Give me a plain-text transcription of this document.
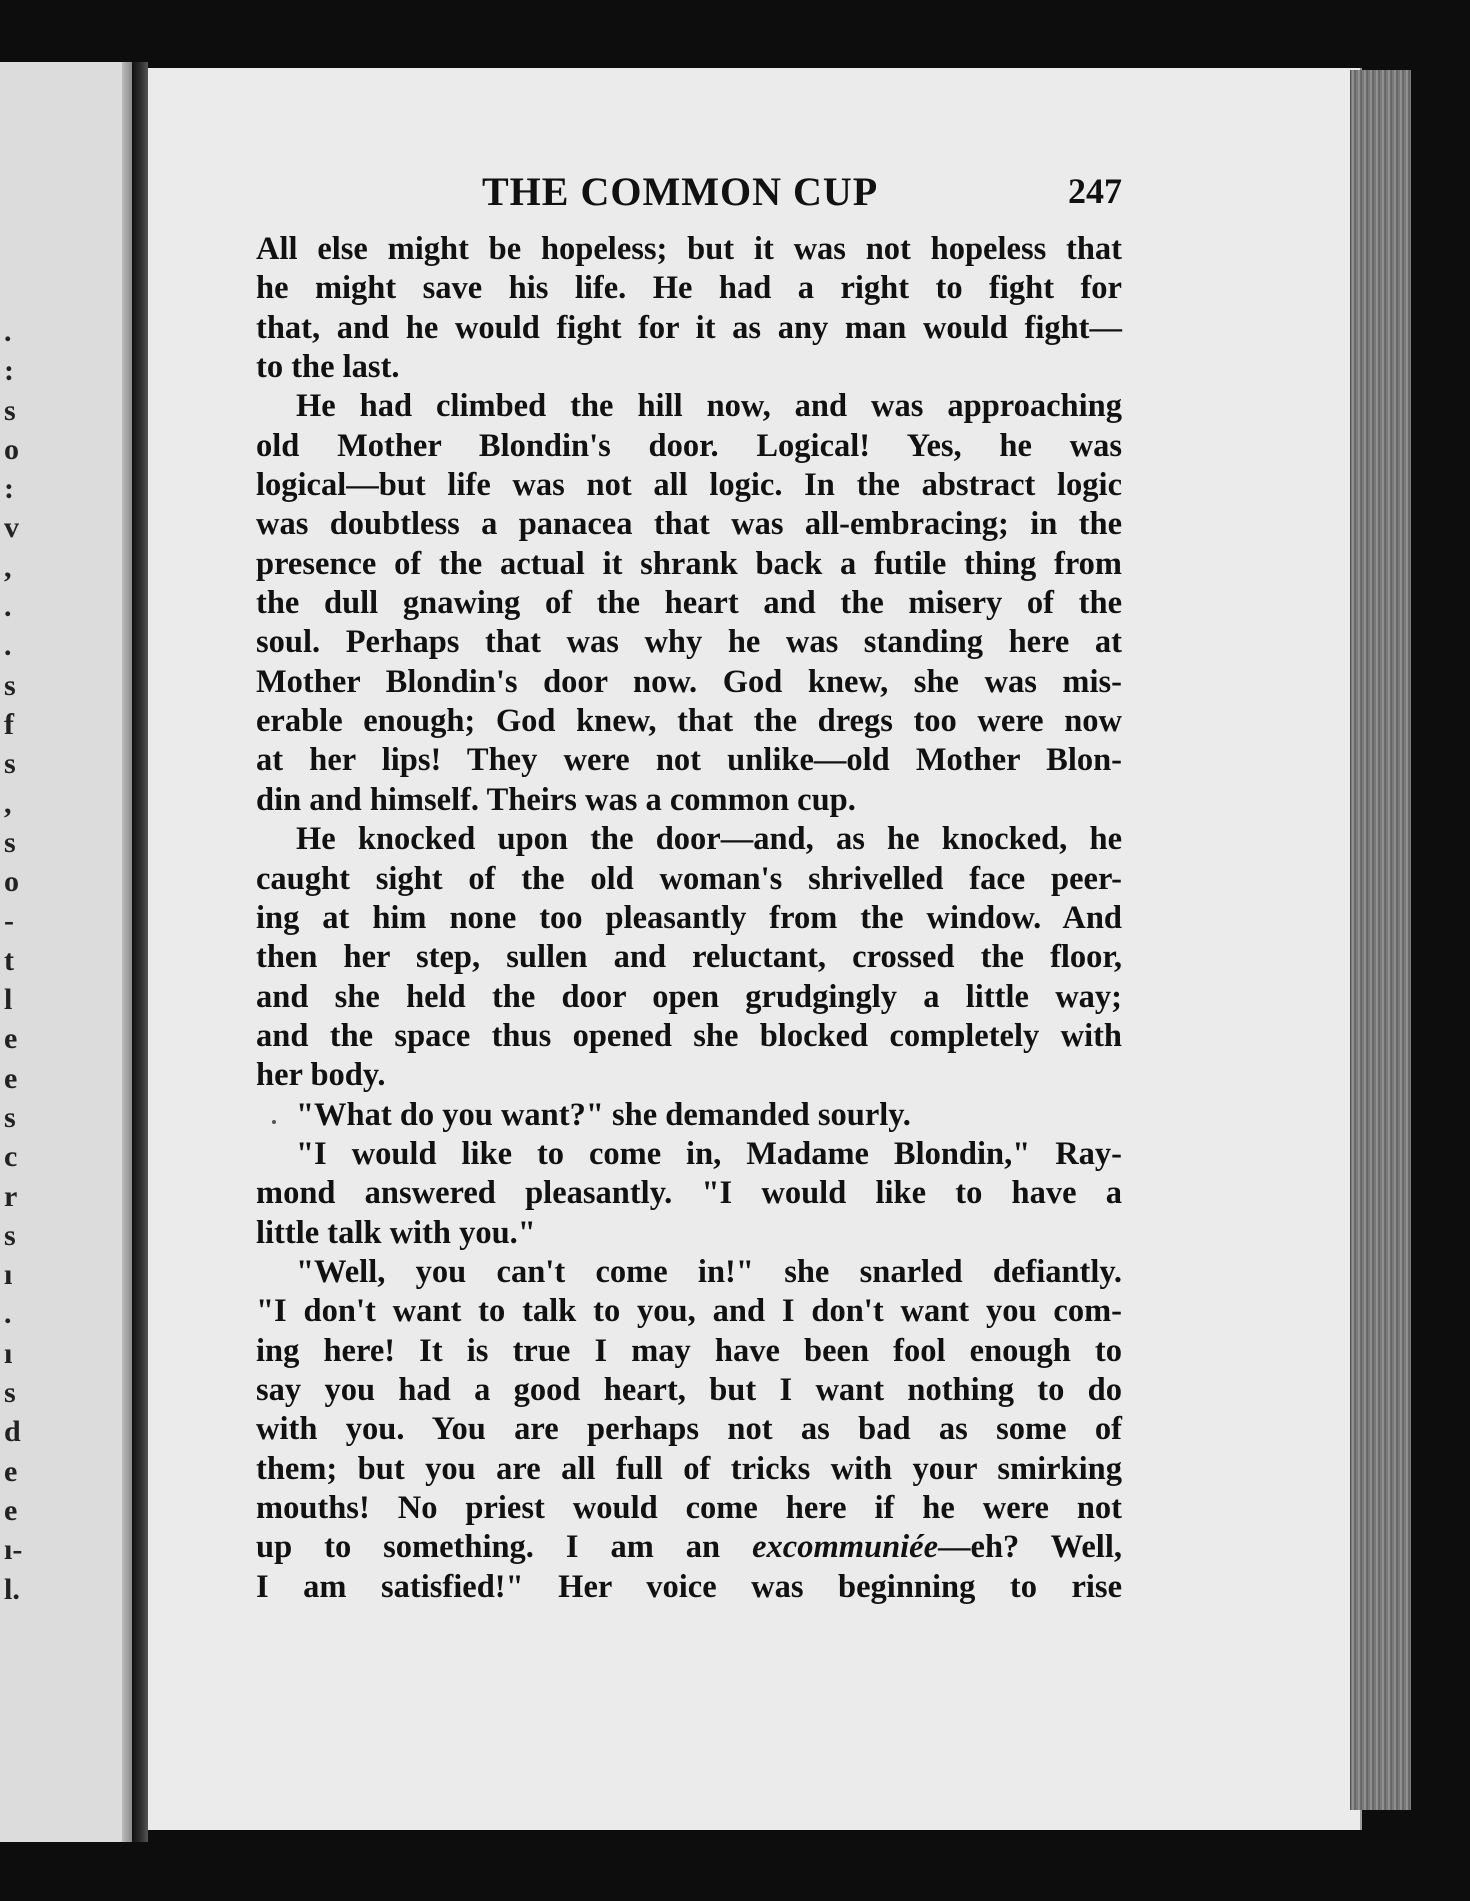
.
:
s
o
:
v
,
.
.
s
f
s
,
s
o
-
t
l
e
e
s
c
r
s
ı
.
ı
s
d
e
e
ı-
l.
THE COMMON CUP	247
All else might be hopeless; but it was not hopeless that
he might save his life. He had a right to fight for
that, and he would fight for it as any man would fight—
to the last.
He had climbed the hill now, and was approaching
old Mother Blondin's door. Logical! Yes, he was
logical—but life was not all logic. In the abstract logic
was doubtless a panacea that was all-embracing; in the
presence of the actual it shrank back a futile thing from
the dull gnawing of the heart and the misery of the
soul. Perhaps that was why he was standing here at
Mother Blondin's door now. God knew, she was mis-
erable enough; God knew, that the dregs too were now
at her lips! They were not unlike—old Mother Blon-
din and himself. Theirs was a common cup.
He knocked upon the door—and, as he knocked, he
caught sight of the old woman's shrivelled face peer-
ing at him none too pleasantly from the window. And
then her step, sullen and reluctant, crossed the floor,
and she held the door open grudgingly a little way;
and the space thus opened she blocked completely with
her body.
"What do you want?" she demanded sourly.
"I would like to come in, Madame Blondin," Ray-
mond answered pleasantly. "I would like to have a
little talk with you."
"Well, you can't come in!" she snarled defiantly.
"I don't want to talk to you, and I don't want you com-
ing here! It is true I may have been fool enough to
say you had a good heart, but I want nothing to do
with you. You are perhaps not as bad as some of
them; but you are all full of tricks with your smirking
mouths! No priest would come here if he were not
up to something. I am an excommuniée—eh? Well,
I am satisfied!" Her voice was beginning to rise
